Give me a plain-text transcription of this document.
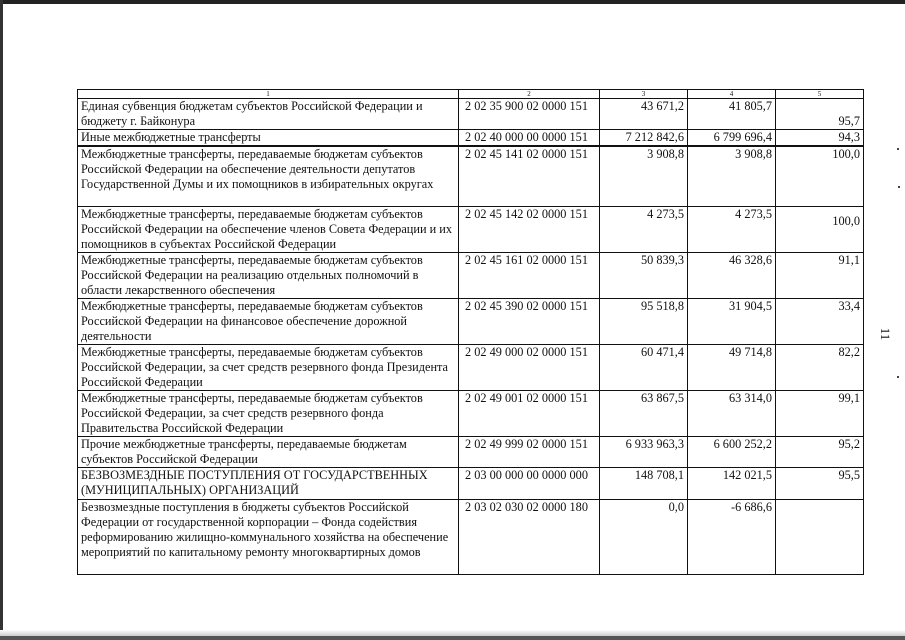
11
1	2	3	4	5
Единая субвенция бюджетам субъектов Российской Федерации и бюджету г. Байконура	2 02 35 900 02 0000 151	43 671,2	41 805,7	95,7
Иные межбюджетные трансферты	2 02 40 000 00 0000 151	7 212 842,6	6 799 696,4	94,3
Межбюджетные трансферты, передаваемые бюджетам субъектов Российской Федерации на обеспечение деятельности депутатов Государственной Думы и их помощников в избирательных округах	2 02 45 141 02 0000 151	3 908,8	3 908,8	100,0
Межбюджетные трансферты, передаваемые бюджетам субъектов Российской Федерации на обеспечение членов Совета Федерации и их помощников в субъектах Российской Федерации	2 02 45 142 02 0000 151	4 273,5	4 273,5	100,0
Межбюджетные трансферты, передаваемые бюджетам субъектов Российской Федерации на реализацию отдельных полномочий в области лекарственного обеспечения	2 02 45 161 02 0000 151	50 839,3	46 328,6	91,1
Межбюджетные трансферты, передаваемые бюджетам субъектов Российской Федерации на финансовое обеспечение дорожной деятельности	2 02 45 390 02 0000 151	95 518,8	31 904,5	33,4
Межбюджетные трансферты, передаваемые бюджетам субъектов Российской Федерации, за счет средств резервного фонда Президента Российской Федерации	2 02 49 000 02 0000 151	60 471,4	49 714,8	82,2
Межбюджетные трансферты, передаваемые бюджетам субъектов Российской Федерации, за счет средств резервного фонда Правительства Российской Федерации	2 02 49 001 02 0000 151	63 867,5	63 314,0	99,1
Прочие межбюджетные трансферты, передаваемые бюджетам субъектов Российской Федерации	2 02 49 999 02 0000 151	6 933 963,3	6 600 252,2	95,2
БЕЗВОЗМЕЗДНЫЕ ПОСТУПЛЕНИЯ ОТ ГОСУДАРСТВЕННЫХ (МУНИЦИПАЛЬНЫХ) ОРГАНИЗАЦИЙ	2 03 00 000 00 0000 000	148 708,1	142 021,5	95,5
Безвозмездные поступления в бюджеты субъектов Российской Федерации от государственной корпорации – Фонда содействия реформированию жилищно-коммунального хозяйства на обеспечение мероприятий по капитальному ремонту многоквартирных домов	2 03 02 030 02 0000 180	0,0	-6 686,6	
